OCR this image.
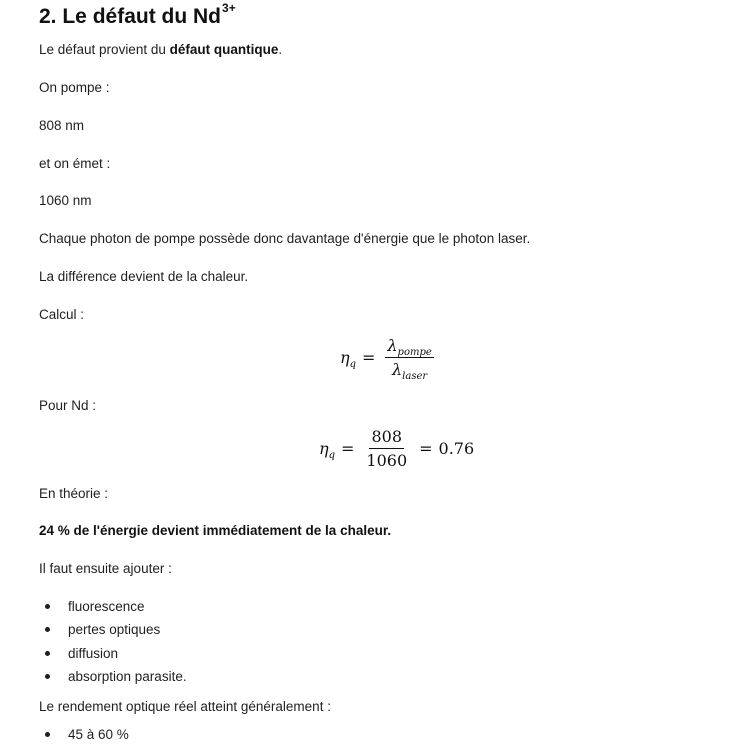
2. Le défaut du $Nd^{3+}$

Le défaut provient du défaut quantique.

On pompe :

808 nm

et on émet :

1060 nm

Chaque photon de pompe possède donc davantage d'énergie que le photon laser.

La différence devient de la chaleur.

Calcul :

$\eta_q = \frac{\lambda_{pompe}}{\lambda_{laser}}$

Pour Nd :

$\eta_q = \frac{808}{1060} = 0.76$

En théorie :

24 % de l'énergie devient immédiatement de la chaleur.

Il faut ensuite ajouter :

fluorescence
pertes optiques
diffusion
absorption parasite.

Le rendement optique réel atteint généralement :

45 à 60 %
